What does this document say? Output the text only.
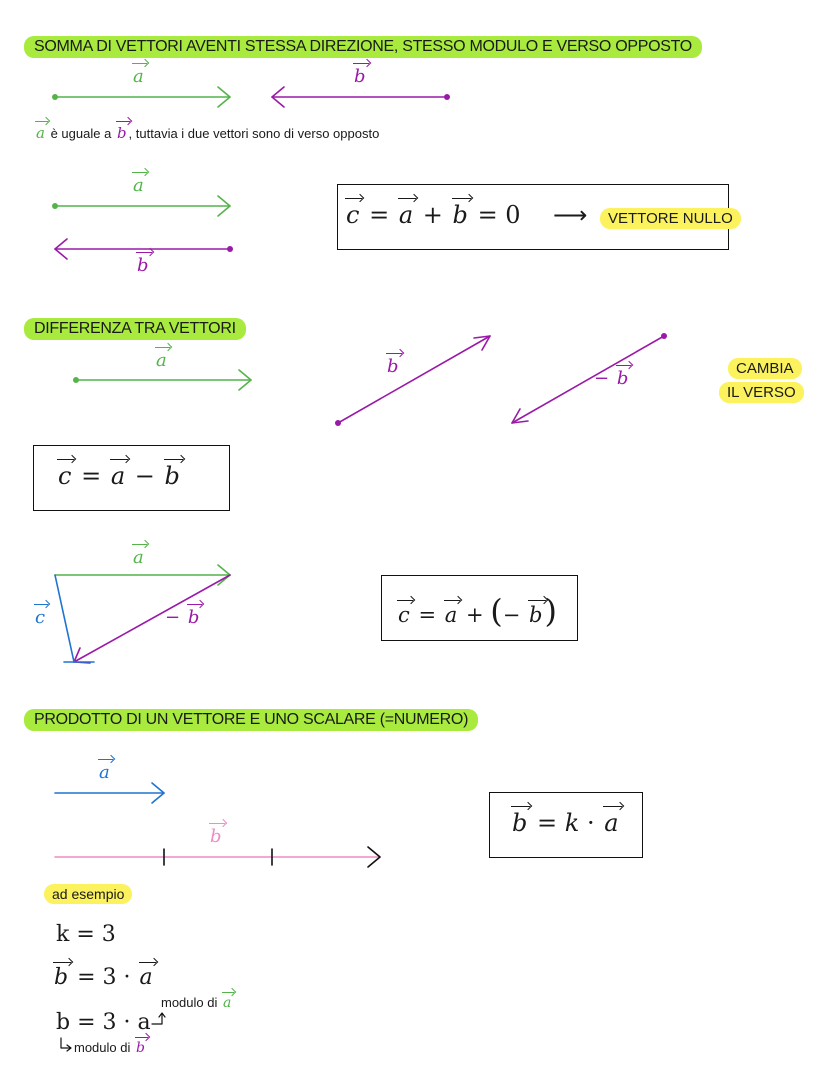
SOMMA DI VETTORI AVENTI STESSA DIREZIONE, STESSO MODULO E VERSO OPPOSTO
a	b
a è uguale a b , tuttavia i due vettori sono di verso opposto
a
b
c = a + b = 0 ⟶	VETTORE NULLO
DIFFERENZA TRA VETTORI
a	b
− b	CAMBIA
IL VERSO
c = a − b
a
c	− b	c = a + (− b)
PRODOTTO DI UN VETTORE E UNO SCALARE (=NUMERO)
a
b	b = k · a
ad esempio
k = 3
b = 3 · a
modulo di a
b = 3 · a
modulo di b
